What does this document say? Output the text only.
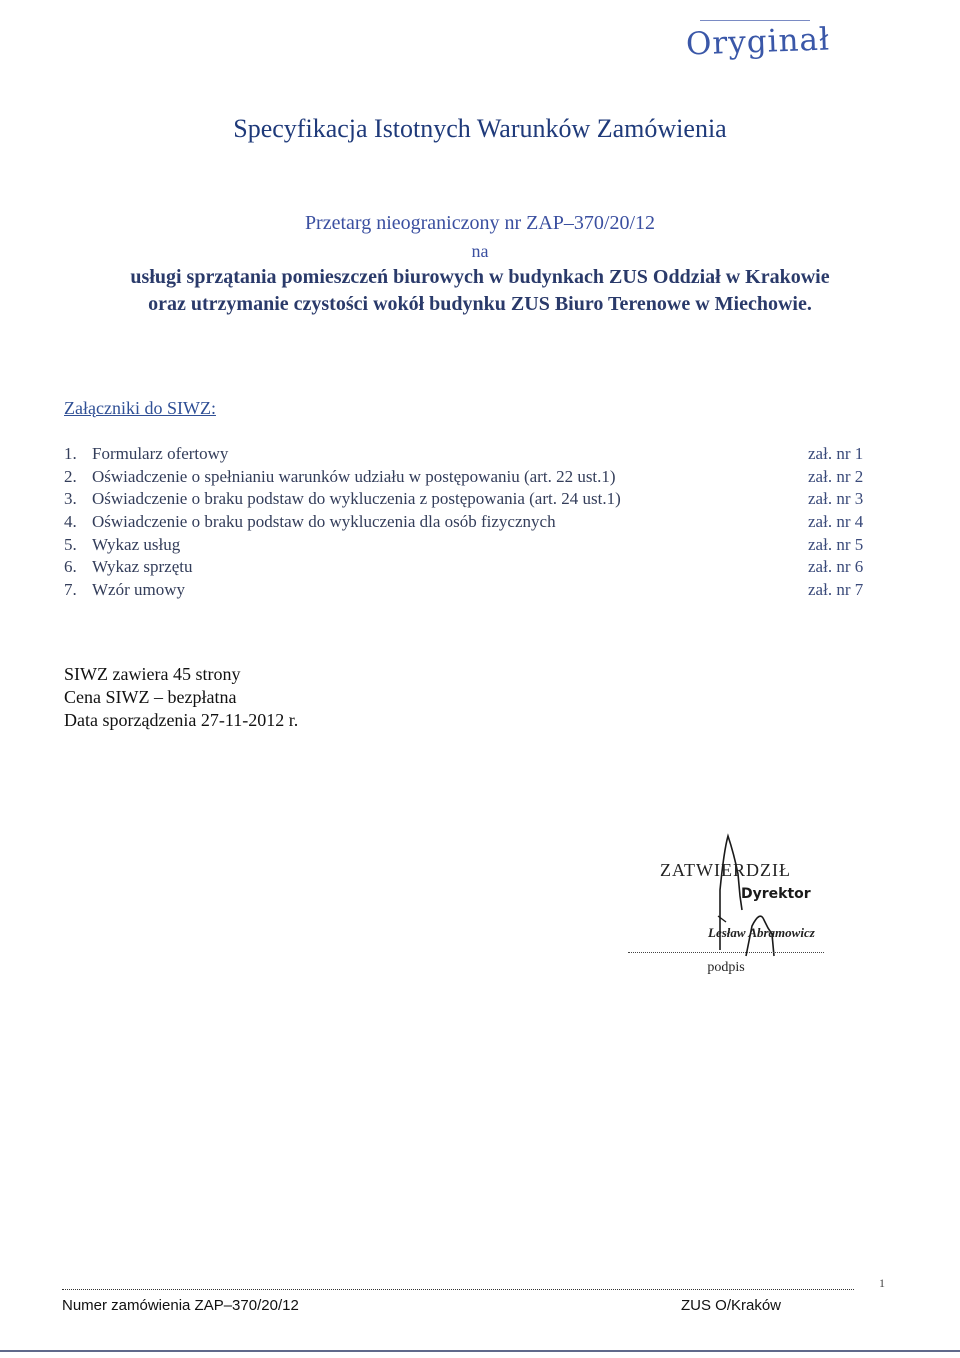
Oryginał
Specyfikacja Istotnych Warunków Zamówienia
Przetarg nieograniczony nr ZAP–370/20/12
na
usługi sprzątania pomieszczeń biurowych w budynkach ZUS Oddział w Krakowie
oraz utrzymanie czystości wokół budynku ZUS Biuro Terenowe w Miechowie.
Załączniki do SIWZ:
1. Formularz ofertowy	zał. nr 1
2. Oświadczenie o spełnianiu warunków udziału w postępowaniu (art. 22 ust.1)	zał. nr 2
3. Oświadczenie o braku podstaw do wykluczenia z postępowania (art. 24 ust.1)	zał. nr 3
4. Oświadczenie o braku podstaw do wykluczenia dla osób fizycznych	zał. nr 4
5. Wykaz usług	zał. nr 5
6. Wykaz sprzętu	zał. nr 6
7. Wzór umowy	zał. nr 7
SIWZ zawiera 45 strony
Cena SIWZ – bezpłatna
Data sporządzenia 27-11-2012 r.
ZATWIERDZIŁ
Dyrektor
Lesław Abramowicz
podpis
1
Numer zamówienia ZAP–370/20/12	ZUS O/Kraków
